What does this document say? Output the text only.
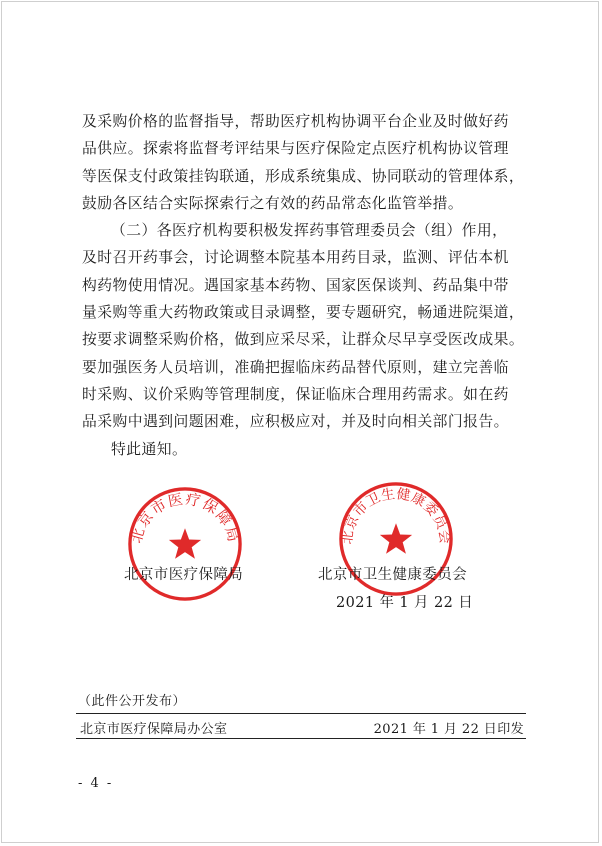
及采购价格的监督指导，帮助医疗机构协调平台企业及时做好药

品供应。探索将监督考评结果与医疗保险定点医疗机构协议管理

等医保支付政策挂钩联通，形成系统集成、协同联动的管理体系，

鼓励各区结合实际探索行之有效的药品常态化监管举措。

（二）各医疗机构要积极发挥药事管理委员会（组）作用，

及时召开药事会，讨论调整本院基本用药目录，监测、评估本机

构药物使用情况。遇国家基本药物、国家医保谈判、药品集中带

量采购等重大药物政策或目录调整，要专题研究，畅通进院渠道，

按要求调整采购价格，做到应采尽采，让群众尽早享受医改成果。

要加强医务人员培训，准确把握临床药品替代原则，建立完善临

时采购、议价采购等管理制度，保证临床合理用药需求。如在药

品采购中遇到问题困难，应积极应对，并及时向相关部门报告。

特此通知。

北京市医疗保障局	北京市卫生健康委员会
北京市医疗保障局	北京市卫生健康委员会
2021 年 1 月 22 日
（此件公开发布）
北京市医疗保障局办公室	2021 年 1 月 22 日印发
- 4 -
